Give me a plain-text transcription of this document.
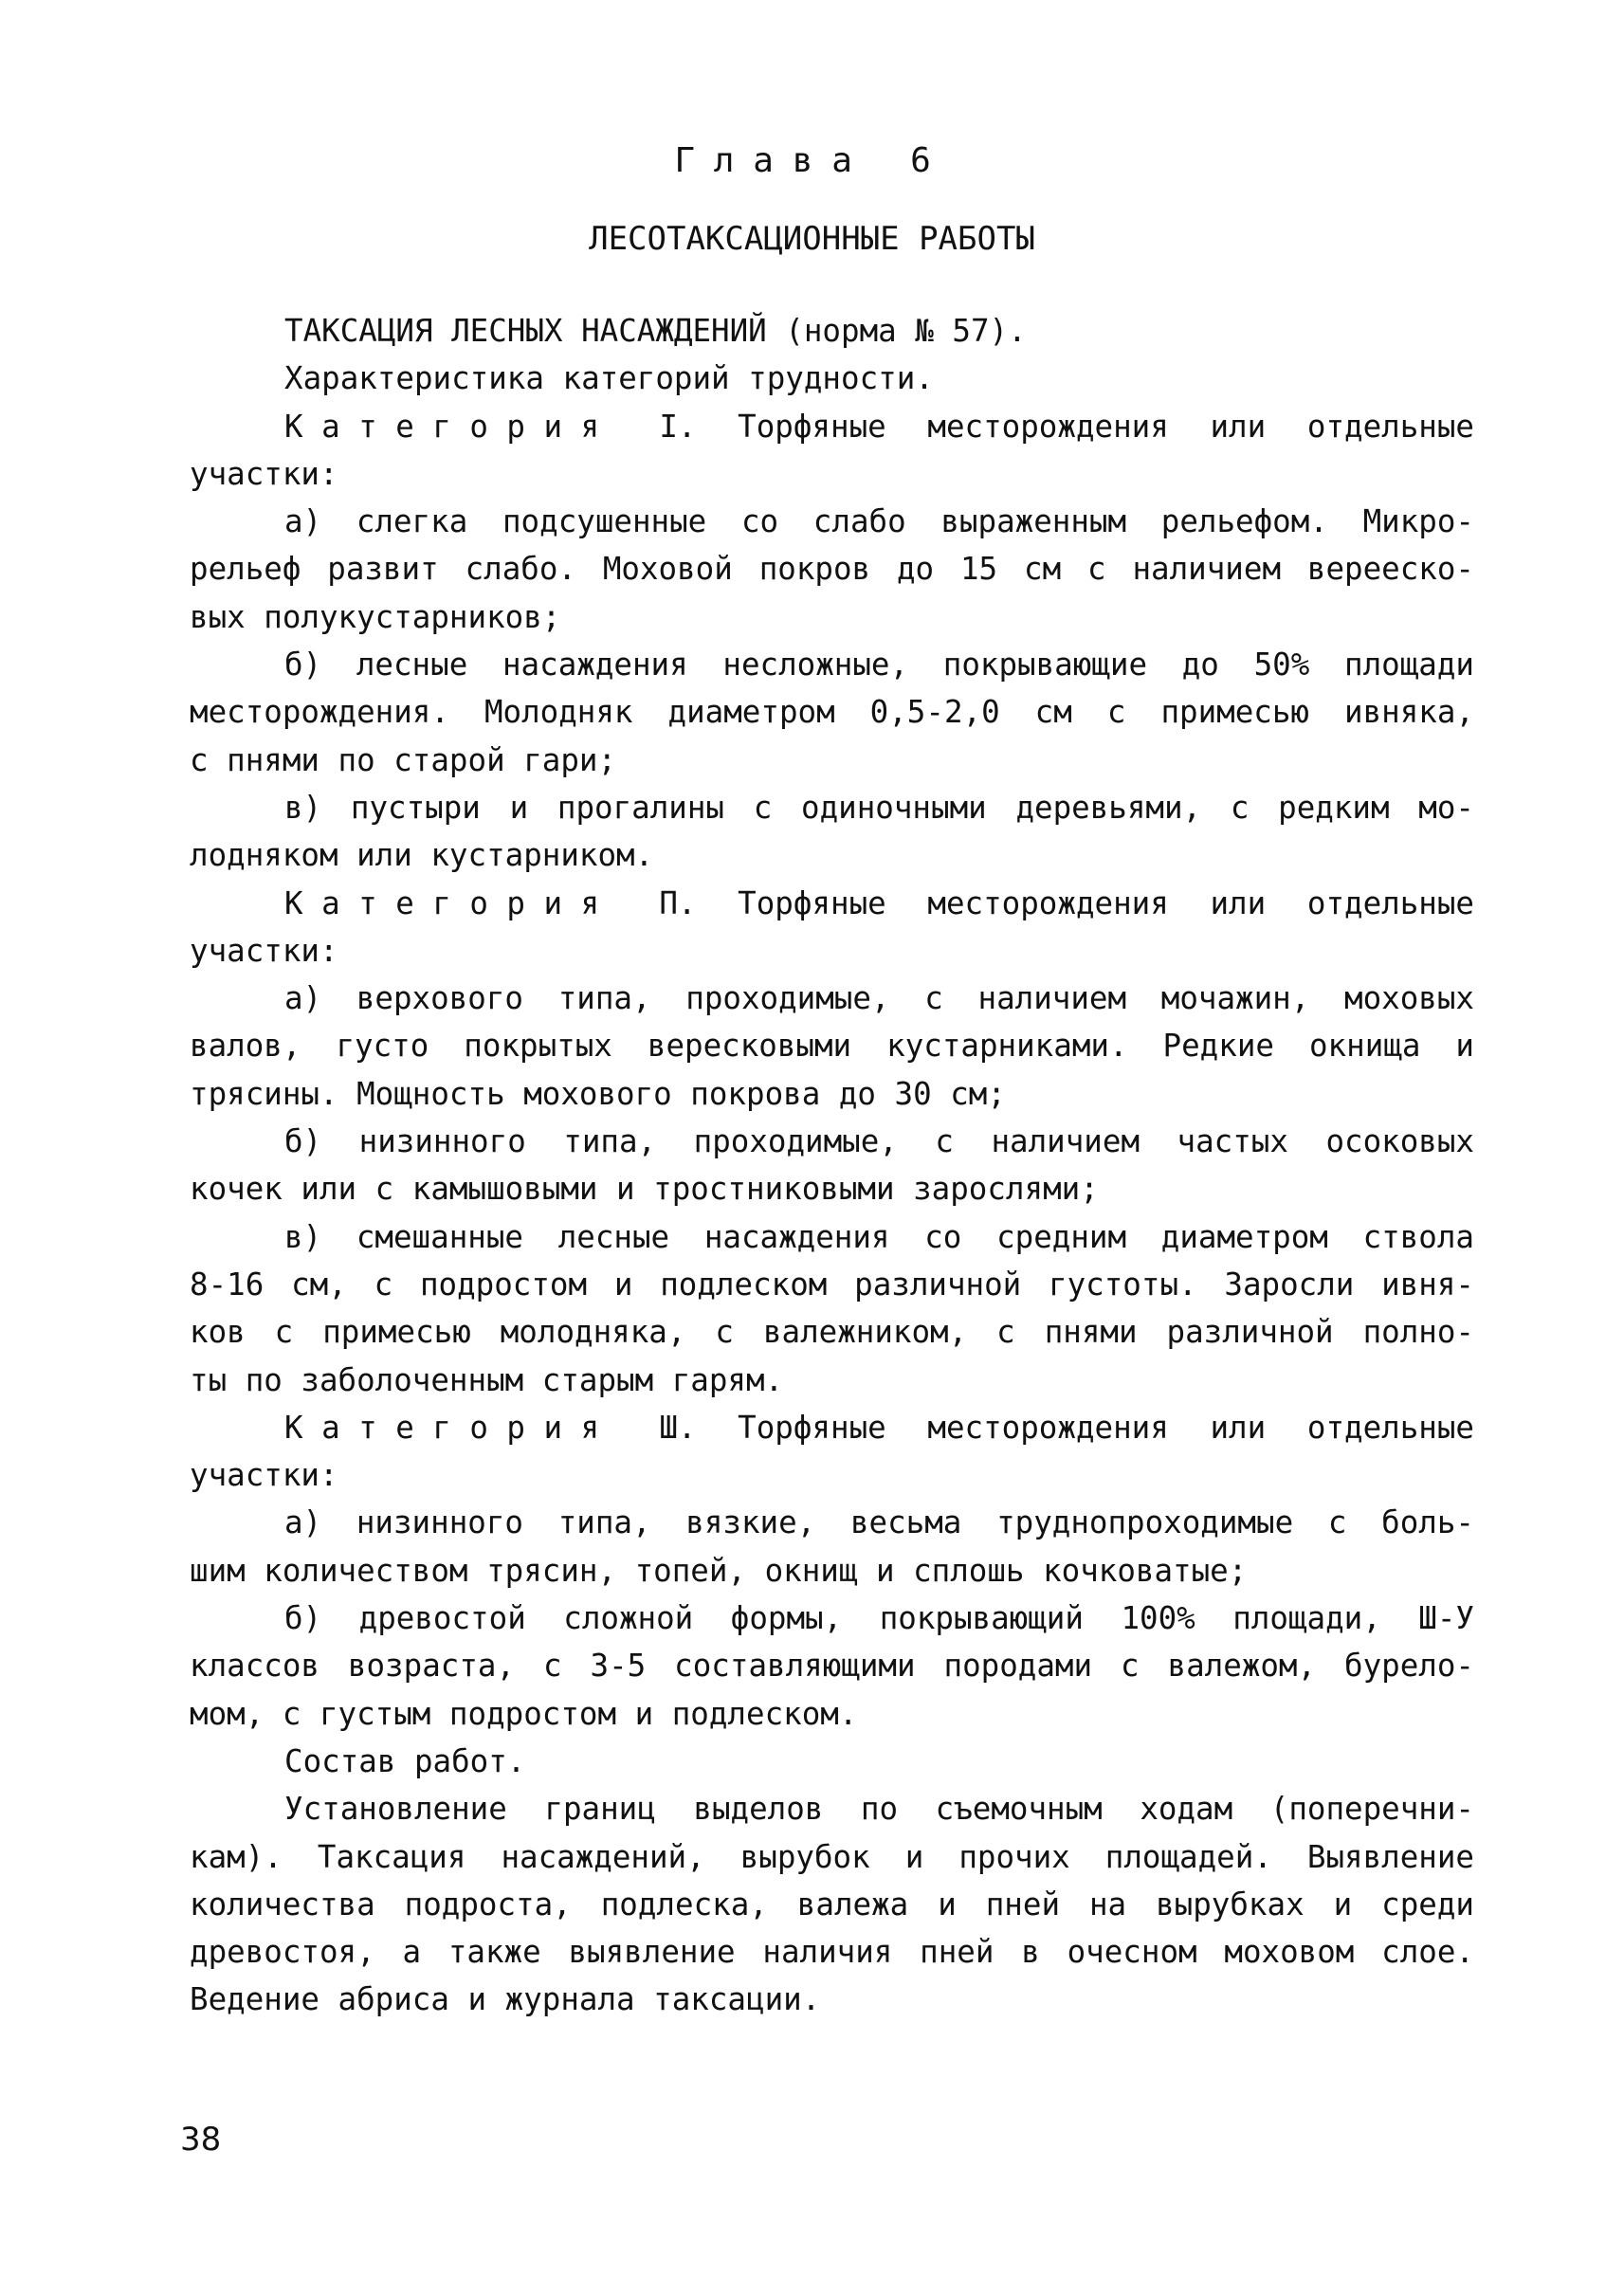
Глава 6
ЛЕСОТАКСАЦИОННЫЕ РАБОТЫ
ТАКСАЦИЯ ЛЕСНЫХ НАСАЖДЕНИЙ (норма № 57).
Характеристика категорий трудности.
Категория I. Торфяные месторождения или отдельные
участки:
а) слегка подсушенные со слабо выраженным рельефом. Микро-
рельеф развит слабо. Моховой покров до 15 см с наличием верееско-
вых полукустарников;
б) лесные насаждения несложные, покрывающие до 50% площади
месторождения. Молодняк диаметром 0,5-2,0 см с примесью ивняка,
с пнями по старой гари;
в) пустыри и прогалины с одиночными деревьями, с редким мо-
лодняком или кустарником.
Категория П. Торфяные месторождения или отдельные
участки:
а) верхового типа, проходимые, с наличием мочажин, моховых
валов, густо покрытых вересковыми кустарниками. Редкие окнища и
трясины. Мощность мохового покрова до 30 см;
б) низинного типа, проходимые, с наличием частых осоковых
кочек или с камышовыми и тростниковыми зарослями;
в) смешанные лесные насаждения со средним диаметром ствола
8-16 см, с подростом и подлеском различной густоты. Заросли ивня-
ков с примесью молодняка, с валежником, с пнями различной полно-
ты по заболоченным старым гарям.
Категория Ш. Торфяные месторождения или отдельные
участки:
а) низинного типа, вязкие, весьма труднопроходимые с боль-
шим количеством трясин, топей, окнищ и сплошь кочковатые;
б) древостой сложной формы, покрывающий 100% площади, Ш-У
классов возраста, с 3-5 составляющими породами с валежом, бурело-
мом, с густым подростом и подлеском.
Состав работ.
Установление границ выделов по съемочным ходам (поперечни-
кам). Таксация насаждений, вырубок и прочих площадей. Выявление
количества подроста, подлеска, валежа и пней на вырубках и среди
древостоя, а также выявление наличия пней в очесном моховом слое.
Ведение абриса и журнала таксации.
38
